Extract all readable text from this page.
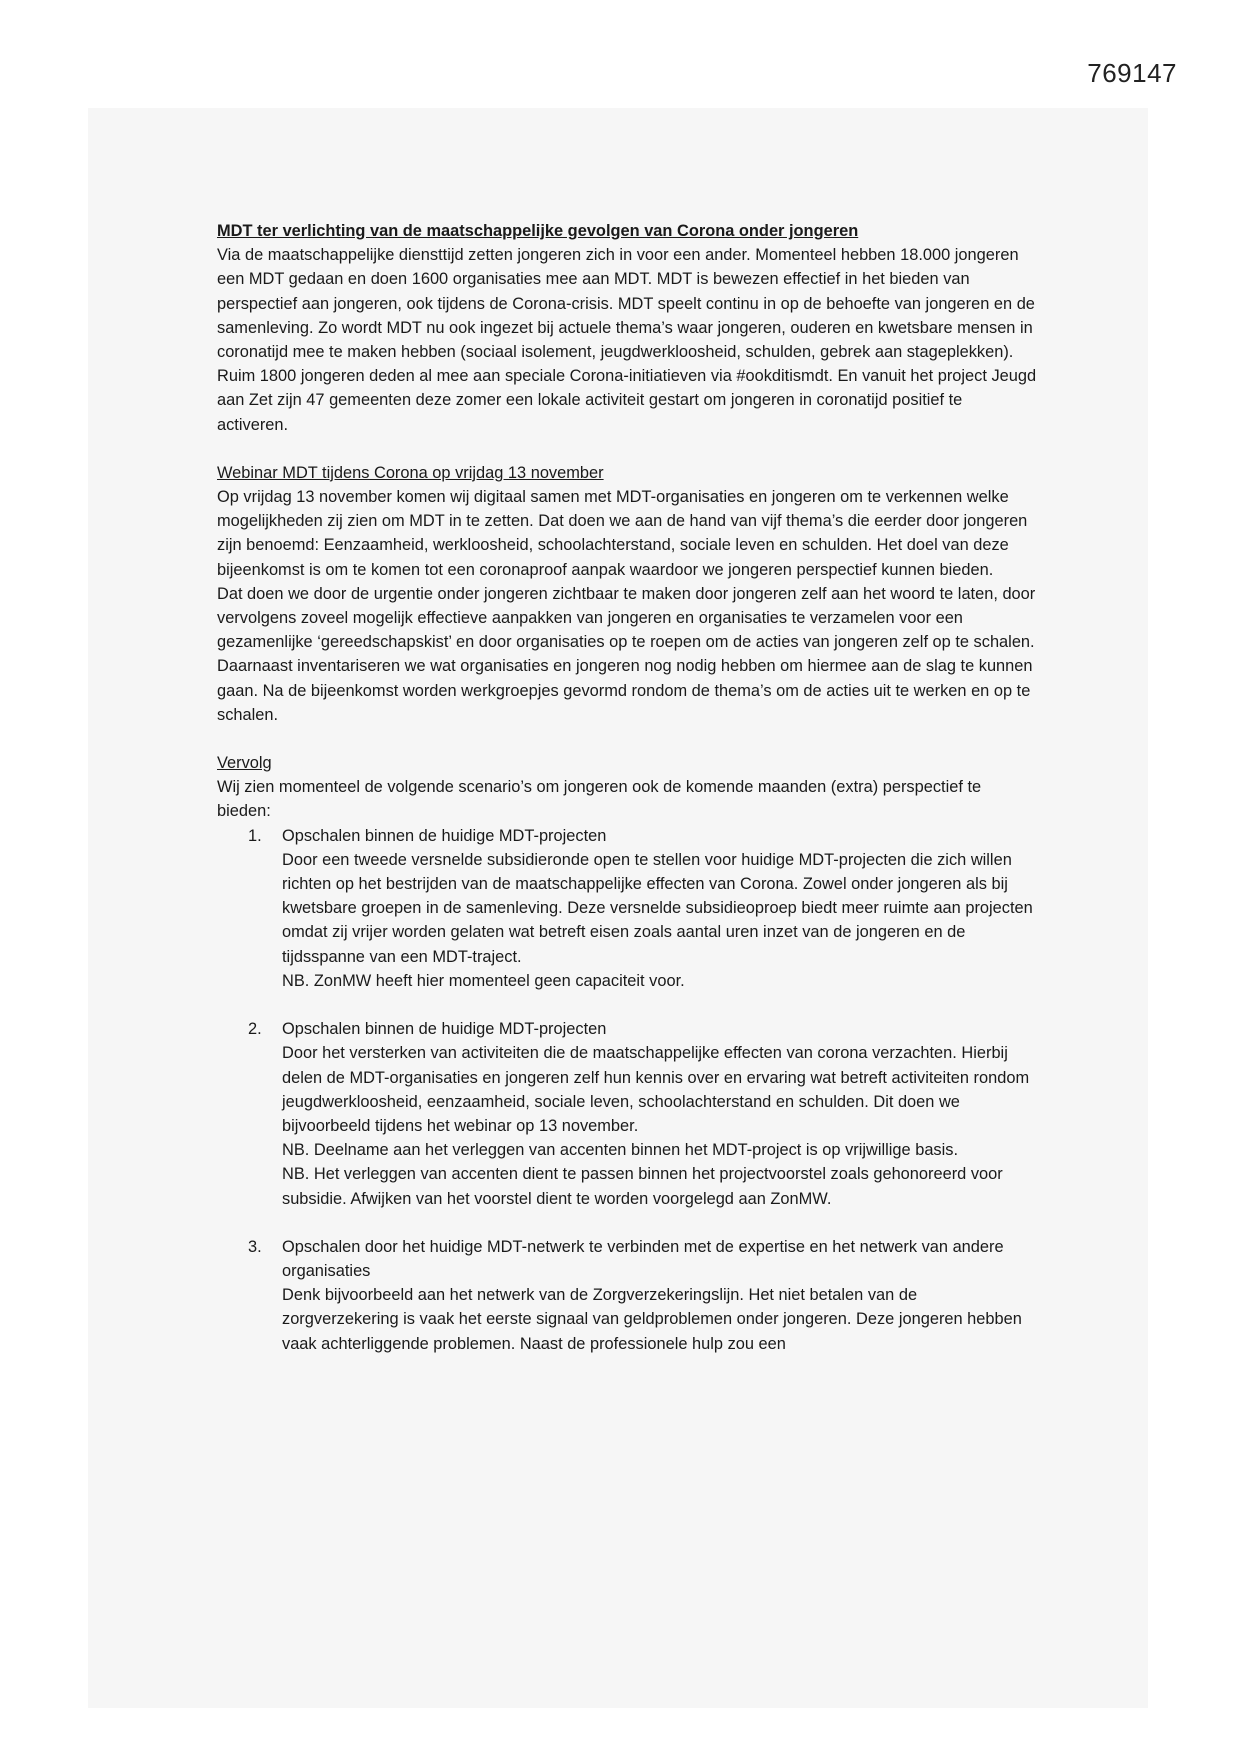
769147

MDT ter verlichting van de maatschappelijke gevolgen van Corona onder jongeren

Via de maatschappelijke diensttijd zetten jongeren zich in voor een ander. Momenteel hebben 18.000 jongeren een MDT gedaan en doen 1600 organisaties mee aan MDT. MDT is bewezen effectief in het bieden van perspectief aan jongeren, ook tijdens de Corona-crisis. MDT speelt continu in op de behoefte van jongeren en de samenleving. Zo wordt MDT nu ook ingezet bij actuele thema’s waar jongeren, ouderen en kwetsbare mensen in coronatijd mee te maken hebben (sociaal isolement, jeugdwerkloosheid, schulden, gebrek aan stageplekken). Ruim 1800 jongeren deden al mee aan speciale Corona-initiatieven via #ookditismdt. En vanuit het project Jeugd aan Zet zijn 47 gemeenten deze zomer een lokale activiteit gestart om jongeren in coronatijd positief te activeren.

Webinar MDT tijdens Corona op vrijdag 13 november

Op vrijdag 13 november komen wij digitaal samen met MDT-organisaties en jongeren om te verkennen welke mogelijkheden zij zien om MDT in te zetten. Dat doen we aan de hand van vijf thema’s die eerder door jongeren zijn benoemd: Eenzaamheid, werkloosheid, schoolachterstand, sociale leven en schulden. Het doel van deze bijeenkomst is om te komen tot een coronaproof aanpak waardoor we jongeren perspectief kunnen bieden.

Dat doen we door de urgentie onder jongeren zichtbaar te maken door jongeren zelf aan het woord te laten, door vervolgens zoveel mogelijk effectieve aanpakken van jongeren en organisaties te verzamelen voor een gezamenlijke ‘gereedschapskist’ en door organisaties op te roepen om de acties van jongeren zelf op te schalen. Daarnaast inventariseren we wat organisaties en jongeren nog nodig hebben om hiermee aan de slag te kunnen gaan. Na de bijeenkomst worden werkgroepjes gevormd rondom de thema’s om de acties uit te werken en op te schalen.

Vervolg

Wij zien momenteel de volgende scenario’s om jongeren ook de komende maanden (extra) perspectief te bieden:

1. Opschalen binnen de huidige MDT-projecten

Door een tweede versnelde subsidieronde open te stellen voor huidige MDT-projecten die zich willen richten op het bestrijden van de maatschappelijke effecten van Corona. Zowel onder jongeren als bij kwetsbare groepen in de samenleving. Deze versnelde subsidieoproep biedt meer ruimte aan projecten omdat zij vrijer worden gelaten wat betreft eisen zoals aantal uren inzet van de jongeren en de tijdsspanne van een MDT-traject.

NB. ZonMW heeft hier momenteel geen capaciteit voor.

2. Opschalen binnen de huidige MDT-projecten

Door het versterken van activiteiten die de maatschappelijke effecten van corona verzachten. Hierbij delen de MDT-organisaties en jongeren zelf hun kennis over en ervaring wat betreft activiteiten rondom jeugdwerkloosheid, eenzaamheid, sociale leven, schoolachterstand en schulden. Dit doen we bijvoorbeeld tijdens het webinar op 13 november.

NB. Deelname aan het verleggen van accenten binnen het MDT-project is op vrijwillige basis.

NB. Het verleggen van accenten dient te passen binnen het projectvoorstel zoals gehonoreerd voor subsidie. Afwijken van het voorstel dient te worden voorgelegd aan ZonMW.

3. Opschalen door het huidige MDT-netwerk te verbinden met de expertise en het netwerk van andere organisaties

Denk bijvoorbeeld aan het netwerk van de Zorgverzekeringslijn. Het niet betalen van de zorgverzekering is vaak het eerste signaal van geldproblemen onder jongeren. Deze jongeren hebben vaak achterliggende problemen. Naast de professionele hulp zou een
